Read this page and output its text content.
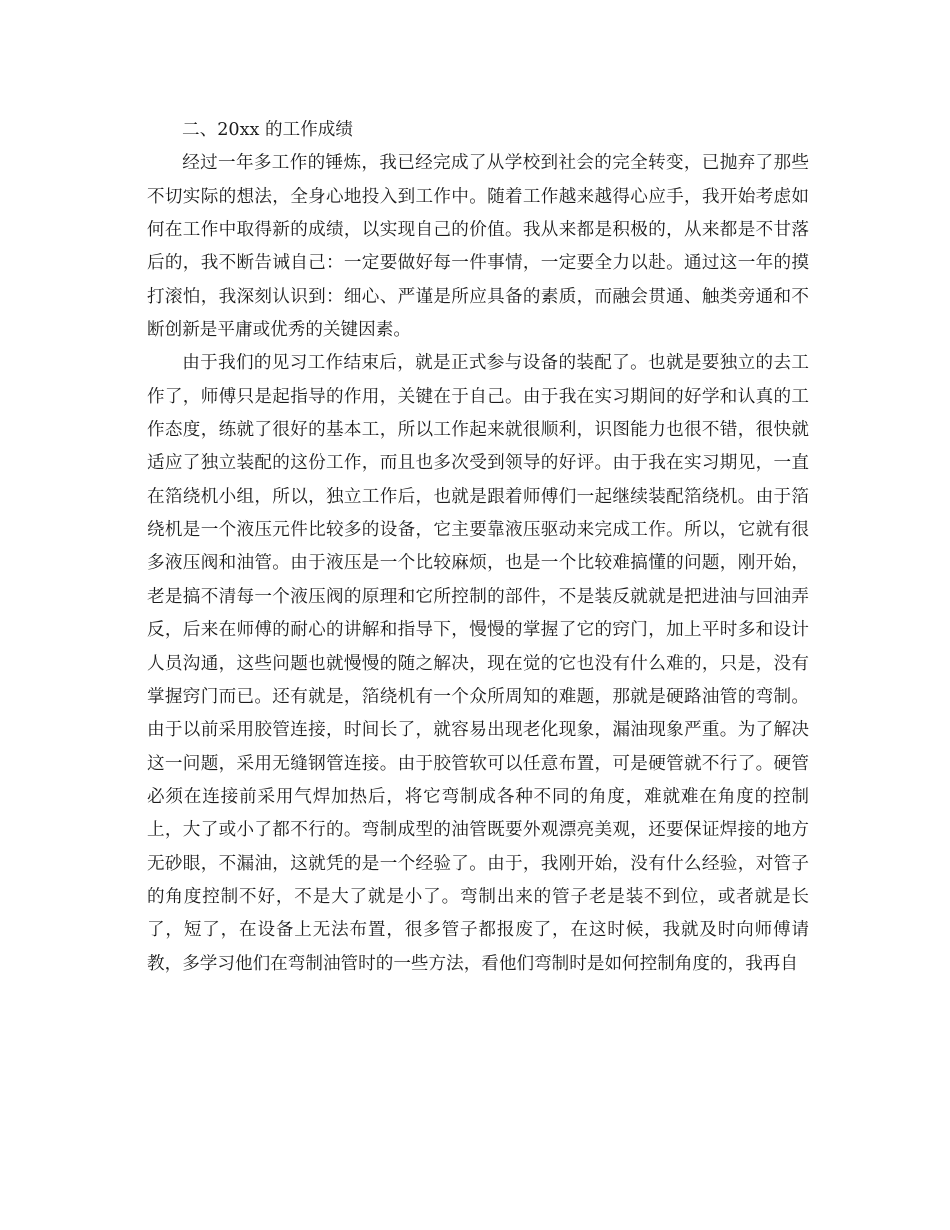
二、20xx 的工作成绩

经过一年多工作的锤炼，我已经完成了从学校到社会的完全转变，已抛弃了那些不切实际的想法，全身心地投入到工作中。随着工作越来越得心应手，我开始考虑如何在工作中取得新的成绩，以实现自己的价值。我从来都是积极的，从来都是不甘落后的，我不断告诫自己：一定要做好每一件事情，一定要全力以赴。通过这一年的摸打滚怕，我深刻认识到：细心、严谨是所应具备的素质，而融会贯通、触类旁通和不断创新是平庸或优秀的关键因素。

由于我们的见习工作结束后，就是正式参与设备的装配了。也就是要独立的去工作了，师傅只是起指导的作用，关键在于自己。由于我在实习期间的好学和认真的工作态度，练就了很好的基本工，所以工作起来就很顺利，识图能力也很不错，很快就适应了独立装配的这份工作，而且也多次受到领导的好评。由于我在实习期见，一直在箔绕机小组，所以，独立工作后，也就是跟着师傅们一起继续装配箔绕机。由于箔绕机是一个液压元件比较多的设备，它主要靠液压驱动来完成工作。所以，它就有很多液压阀和油管。由于液压是一个比较麻烦，也是一个比较难搞懂的问题，刚开始，老是搞不清每一个液压阀的原理和它所控制的部件，不是装反就就是把进油与回油弄反，后来在师傅的耐心的讲解和指导下，慢慢的掌握了它的窍门，加上平时多和设计人员沟通，这些问题也就慢慢的随之解决，现在觉的它也没有什么难的，只是，没有掌握窍门而已。还有就是，箔绕机有一个众所周知的难题，那就是硬路油管的弯制。由于以前采用胶管连接，时间长了，就容易出现老化现象，漏油现象严重。为了解决这一问题，采用无缝钢管连接。由于胶管软可以任意布置，可是硬管就不行了。硬管必须在连接前采用气焊加热后，将它弯制成各种不同的角度，难就难在角度的控制上，大了或小了都不行的。弯制成型的油管既要外观漂亮美观，还要保证焊接的地方无砂眼，不漏油，这就凭的是一个经验了。由于，我刚开始，没有什么经验，对管子的角度控制不好，不是大了就是小了。弯制出来的管子老是装不到位，或者就是长了，短了，在设备上无法布置，很多管子都报废了，在这时候，我就及时向师傅请教，多学习他们在弯制油管时的一些方法，看他们弯制时是如何控制角度的，我再自
